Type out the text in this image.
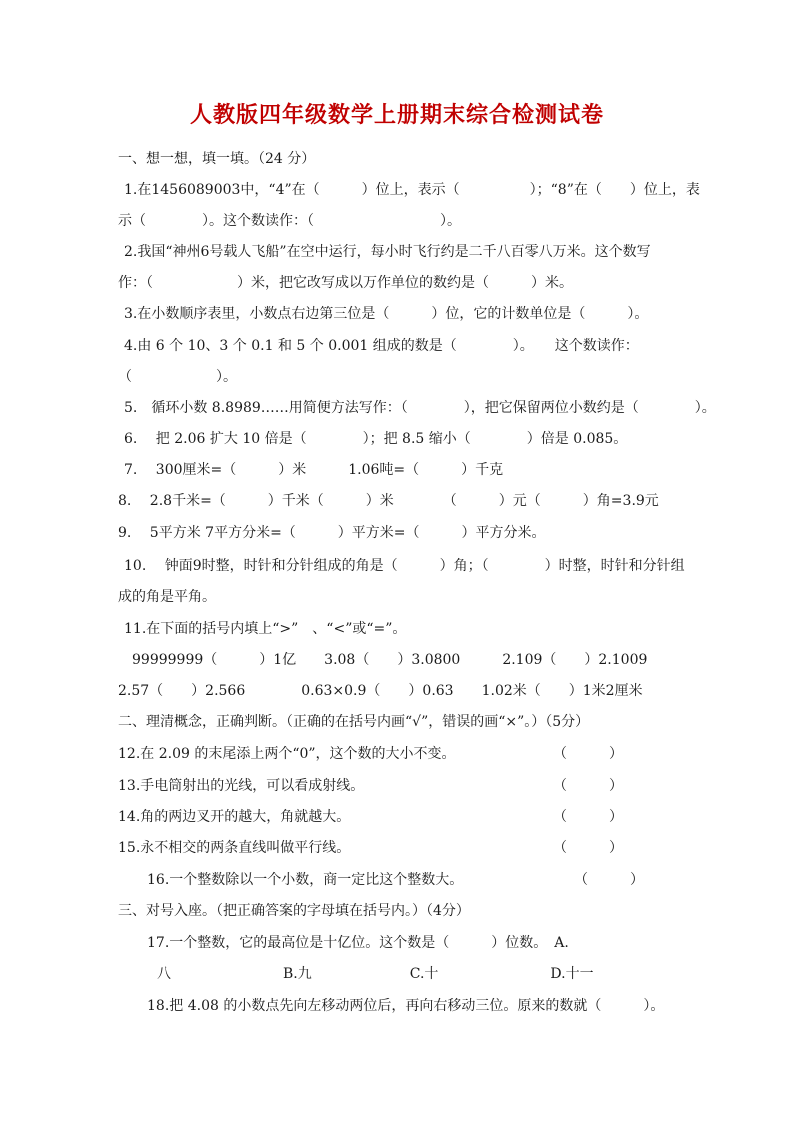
人教版四年级数学上册期末综合检测试卷
一、想一想，填一填。（24 分）
1.在1456089003中，“4”在（　　　）位上，表示（　　　　　）；“8”在（　　）位上，表
示（　　　　）。这个数读作：（　　　　　　　　　）。
2.我国“神州6号载人飞船”在空中运行，每小时飞行约是二千八百零八万米。这个数写
作：（　　　　　　）米，把它改写成以万作单位的数约是（　　　）米。
3.在小数顺序表里，小数点右边第三位是（　　　）位，它的计数单位是（　　　）。
4.由 6 个 10、3 个 0.1 和 5 个 0.001 组成的数是（　　　　）。　　这个数读作：
（　　　　　　）。
5.　循环小数 8.8989……用简便方法写作：（　　　　），把它保留两位小数约是（　　　　）。
6.　 把 2.06 扩大 10 倍是（　　　　）；把 8.5 缩小（　　　　）倍是 0.085。
7.　 300厘米=（　　　）米　　　1.06吨=（　　　）千克
8.　 2.8千米=（　　　）千米（　　　）米　　　　（　　　）元（　　　）角=3.9元
9.　 5平方米 7平方分米=（　　　）平方米=（　　　）平方分米。
10.　 钟面9时整，时针和分针组成的角是（　　　）角；（　　　　）时整，时针和分针组
成的角是平角。
11.在下面的括号内填上“>”　、“<”或“=”。
99999999（　　　）1亿　　3.08（　　）3.0800　　　2.109（　　）2.1009
2.57（　　）2.566　　　　0.63×0.9（　　）0.63　　1.02米（　　）1米2厘米
二、理清概念，正确判断。（正确的在括号内画“√”，错误的画“×”。）（5分）
12.在 2.09 的末尾添上两个“0”，这个数的大小不变。	（　　　）
13.手电筒射出的光线，可以看成射线。	（　　　）
14.角的两边叉开的越大，角就越大。	（　　　）
15.永不相交的两条直线叫做平行线。	（　　　）
16.一个整数除以一个小数，商一定比这个整数大。	（　　　）
三、对号入座。（把正确答案的字母填在括号内。）（4分）
17.一个整数，它的最高位是十亿位。这个数是（　　　）位数。　A.
八　　　　　　　　B.九　　　　　　　C.十　　　　　　　　D.十一
18.把 4.08 的小数点先向左移动两位后，再向右移动三位。原来的数就（　　　）。
